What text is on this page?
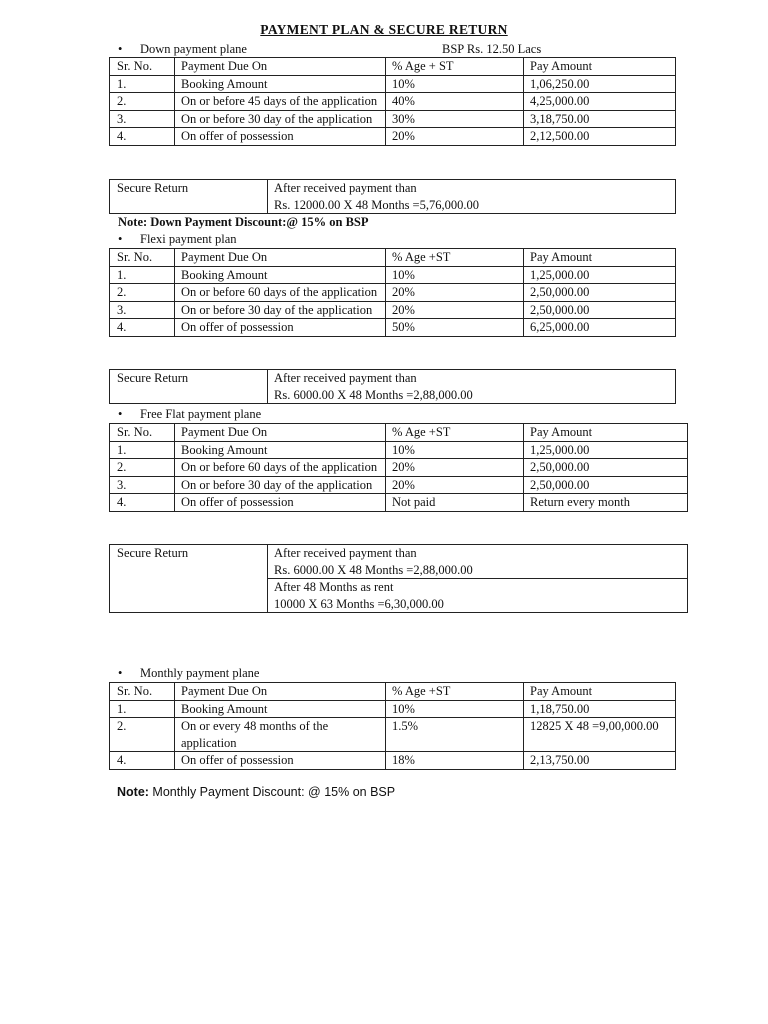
PAYMENT PLAN & SECURE RETURN
• Down payment plane	BSP Rs. 12.50 Lacs
Sr. No.	Payment Due On	% Age + ST	Pay Amount
1.	Booking Amount	10%	1,06,250.00
2.	On or before 45 days of the application	40%	4,25,000.00
3.	On or before 30 day of the application	30%	3,18,750.00
4.	On offer of possession	20%	2,12,500.00
Secure Return	After received payment than
Rs. 12000.00 X 48 Months =5,76,000.00
Note: Down Payment Discount:@ 15% on BSP
• Flexi payment plan
Sr. No.	Payment Due On	% Age +ST	Pay Amount
1.	Booking Amount	10%	1,25,000.00
2.	On or before 60 days of the application	20%	2,50,000.00
3.	On or before 30 day of the application	20%	2,50,000.00
4.	On offer of possession	50%	6,25,000.00
Secure Return	After received payment than
Rs. 6000.00 X 48 Months =2,88,000.00
• Free Flat payment plane
Sr. No.	Payment Due On	% Age +ST	Pay Amount
1.	Booking Amount	10%	1,25,000.00
2.	On or before 60 days of the application	20%	2,50,000.00
3.	On or before 30 day of the application	20%	2,50,000.00
4.	On offer of possession	Not paid	Return every month
Secure Return	After received payment than
Rs. 6000.00 X 48 Months =2,88,000.00

After 48 Months as rent
10000 X 63 Months =6,30,000.00
• Monthly payment plane
Sr. No.	Payment Due On	% Age +ST	Pay Amount
1.	Booking Amount	10%	1,18,750.00
2.	On or every 48 months of the application	1.5%	12825 X 48 =9,00,000.00
4.	On offer of possession	18%	2,13,750.00
Note: Monthly Payment Discount: @ 15% on BSP
